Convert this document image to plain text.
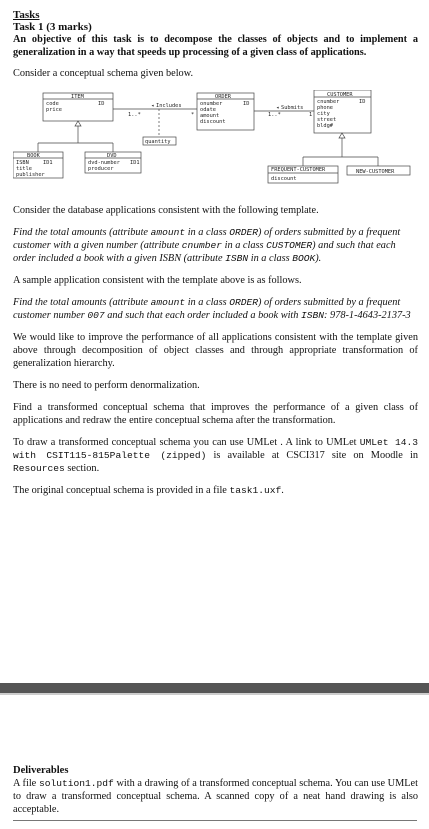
Tasks
Task 1 (3 marks)
An objective of this task is to decompose the classes of objects and to implement a generalization in a way that speeds up processing of a given class of applications.

Consider a conceptual schema given below.

ITEM
code
price
ID
ORDER
onumber
odate
amount
discount
ID
CUSTOMER
cnumber
phone
city
street
bldg#
ID
BOOK
ISBN
title
publisher
ID1
DVD
dvd-number
producer
ID1
FREQUENT-CUSTOMER
discount
NEW-CUSTOMER
quantity
◂ Includes	◂ Submits
1..*	*	1..*	1

Consider the database applications consistent with the following template.

Find the total amounts (attribute amount in a class ORDER) of orders submitted by a frequent customer with a given number (attribute cnumber in a class CUSTOMER) and such that each order included a book with a given ISBN (attribute ISBN in a class BOOK).

A sample application consistent with the template above is as follows.

Find the total amounts (attribute amount in a class ORDER) of orders submitted by a frequent customer number 007 and such that each order included a book with ISBN: 978-1-4643-2137-3

We would like to improve the performance of all applications consistent with the template given above through decomposition of object classes and through appropriate transformation of generalization hierarchy.

There is no need to perform denormalization.

Find a transformed conceptual schema that improves the performance of a given class of applications and redraw the entire conceptual schema after the transformation.

To draw a transformed conceptual schema you can use UMLet . A link to UMLet UMLet 14.3 with CSIT115-815Palette (zipped) is available at CSCI317 site on Moodle in Resources section.

The original conceptual schema is provided in a file task1.uxf.

Deliverables

A file solution1.pdf with a drawing of a transformed conceptual schema. You can use UMLet to draw a transformed conceptual schema. A scanned copy of a neat hand drawing is also acceptable.
